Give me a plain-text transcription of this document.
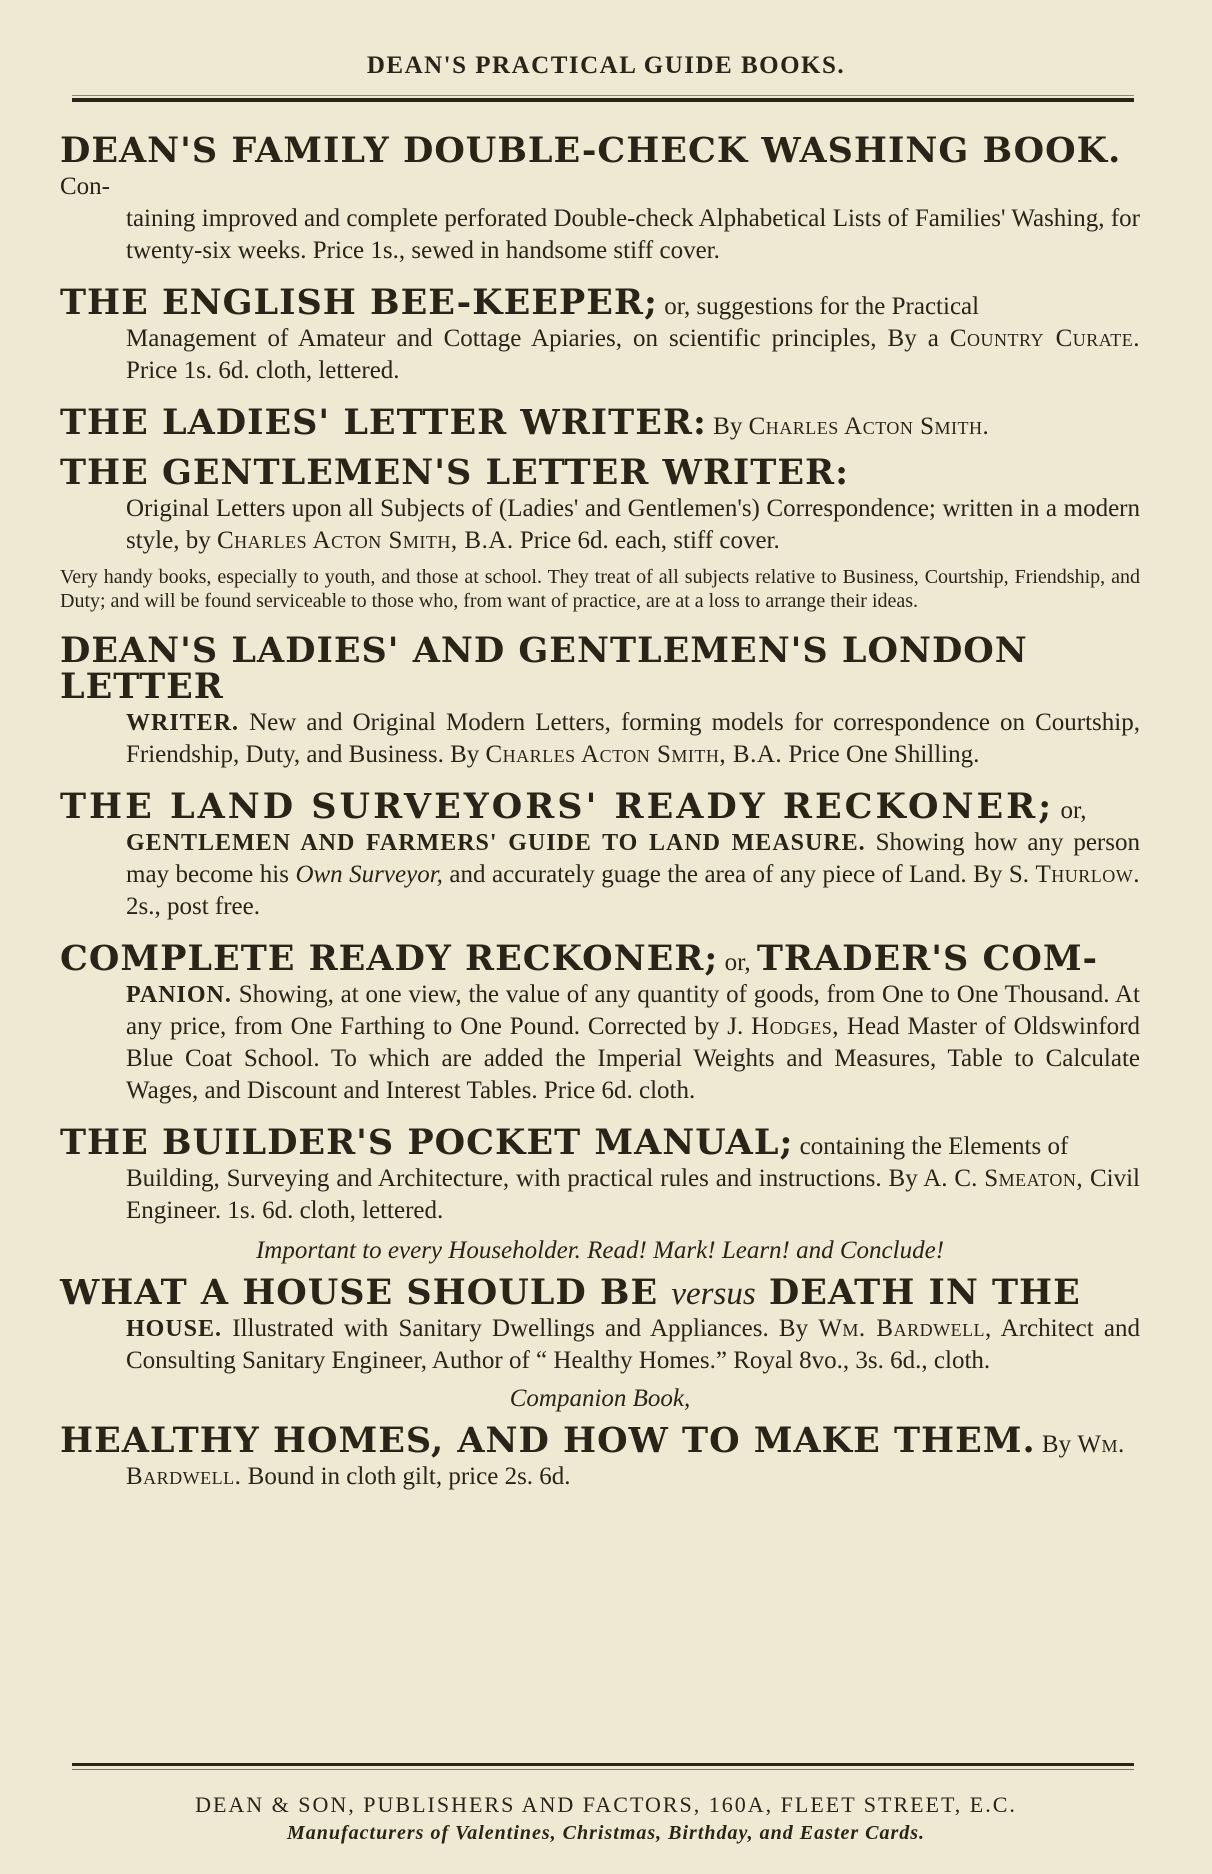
DEAN'S PRACTICAL GUIDE BOOKS.

DEAN'S FAMILY DOUBLE-CHECK WASHING BOOK. Con-

taining improved and complete perforated Double-check Alphabetical Lists of Families' Washing, for twenty-six weeks. Price 1s., sewed in handsome stiff cover.

THE ENGLISH BEE-KEEPER; or, suggestions for the Practical

Management of Amateur and Cottage Apiaries, on scientific principles, By a Country Curate. Price 1s. 6d. cloth, lettered.

THE LADIES' LETTER WRITER: By Charles Acton Smith.

THE GENTLEMEN'S LETTER WRITER:

Original Letters upon all Subjects of (Ladies' and Gentlemen's) Correspondence; written in a modern style, by Charles Acton Smith, B.A. Price 6d. each, stiff cover.

Very handy books, especially to youth, and those at school. They treat of all subjects relative to Business, Courtship, Friendship, and Duty; and will be found serviceable to those who, from want of practice, are at a loss to arrange their ideas.

DEAN'S LADIES' AND GENTLEMEN'S LONDON LETTER

WRITER. New and Original Modern Letters, forming models for correspondence on Courtship, Friendship, Duty, and Business. By Charles Acton Smith, B.A. Price One Shilling.

THE LAND SURVEYORS' READY RECKONER; or,

GENTLEMEN AND FARMERS' GUIDE TO LAND MEASURE. Showing how any person may become his Own Surveyor, and accurately guage the area of any piece of Land. By S. Thurlow. 2s., post free.

COMPLETE READY RECKONER; or, TRADER'S COM-

PANION. Showing, at one view, the value of any quantity of goods, from One to One Thousand. At any price, from One Farthing to One Pound. Corrected by J. Hodges, Head Master of Oldswinford Blue Coat School. To which are added the Imperial Weights and Measures, Table to Calculate Wages, and Discount and Interest Tables. Price 6d. cloth.

THE BUILDER'S POCKET MANUAL; containing the Elements of

Building, Surveying and Architecture, with practical rules and instructions. By A. C. Smeaton, Civil Engineer. 1s. 6d. cloth, lettered.

Important to every Householder. Read! Mark! Learn! and Conclude!

WHAT A HOUSE SHOULD BE versus DEATH IN THE

HOUSE. Illustrated with Sanitary Dwellings and Appliances. By Wm. Bardwell, Architect and Consulting Sanitary Engineer, Author of “ Healthy Homes.” Royal 8vo., 3s. 6d., cloth.

Companion Book,

HEALTHY HOMES, AND HOW TO MAKE THEM. By Wm.

Bardwell. Bound in cloth gilt, price 2s. 6d.

DEAN & SON, PUBLISHERS AND FACTORS, 160A, FLEET STREET, E.C.
Manufacturers of Valentines, Christmas, Birthday, and Easter Cards.
